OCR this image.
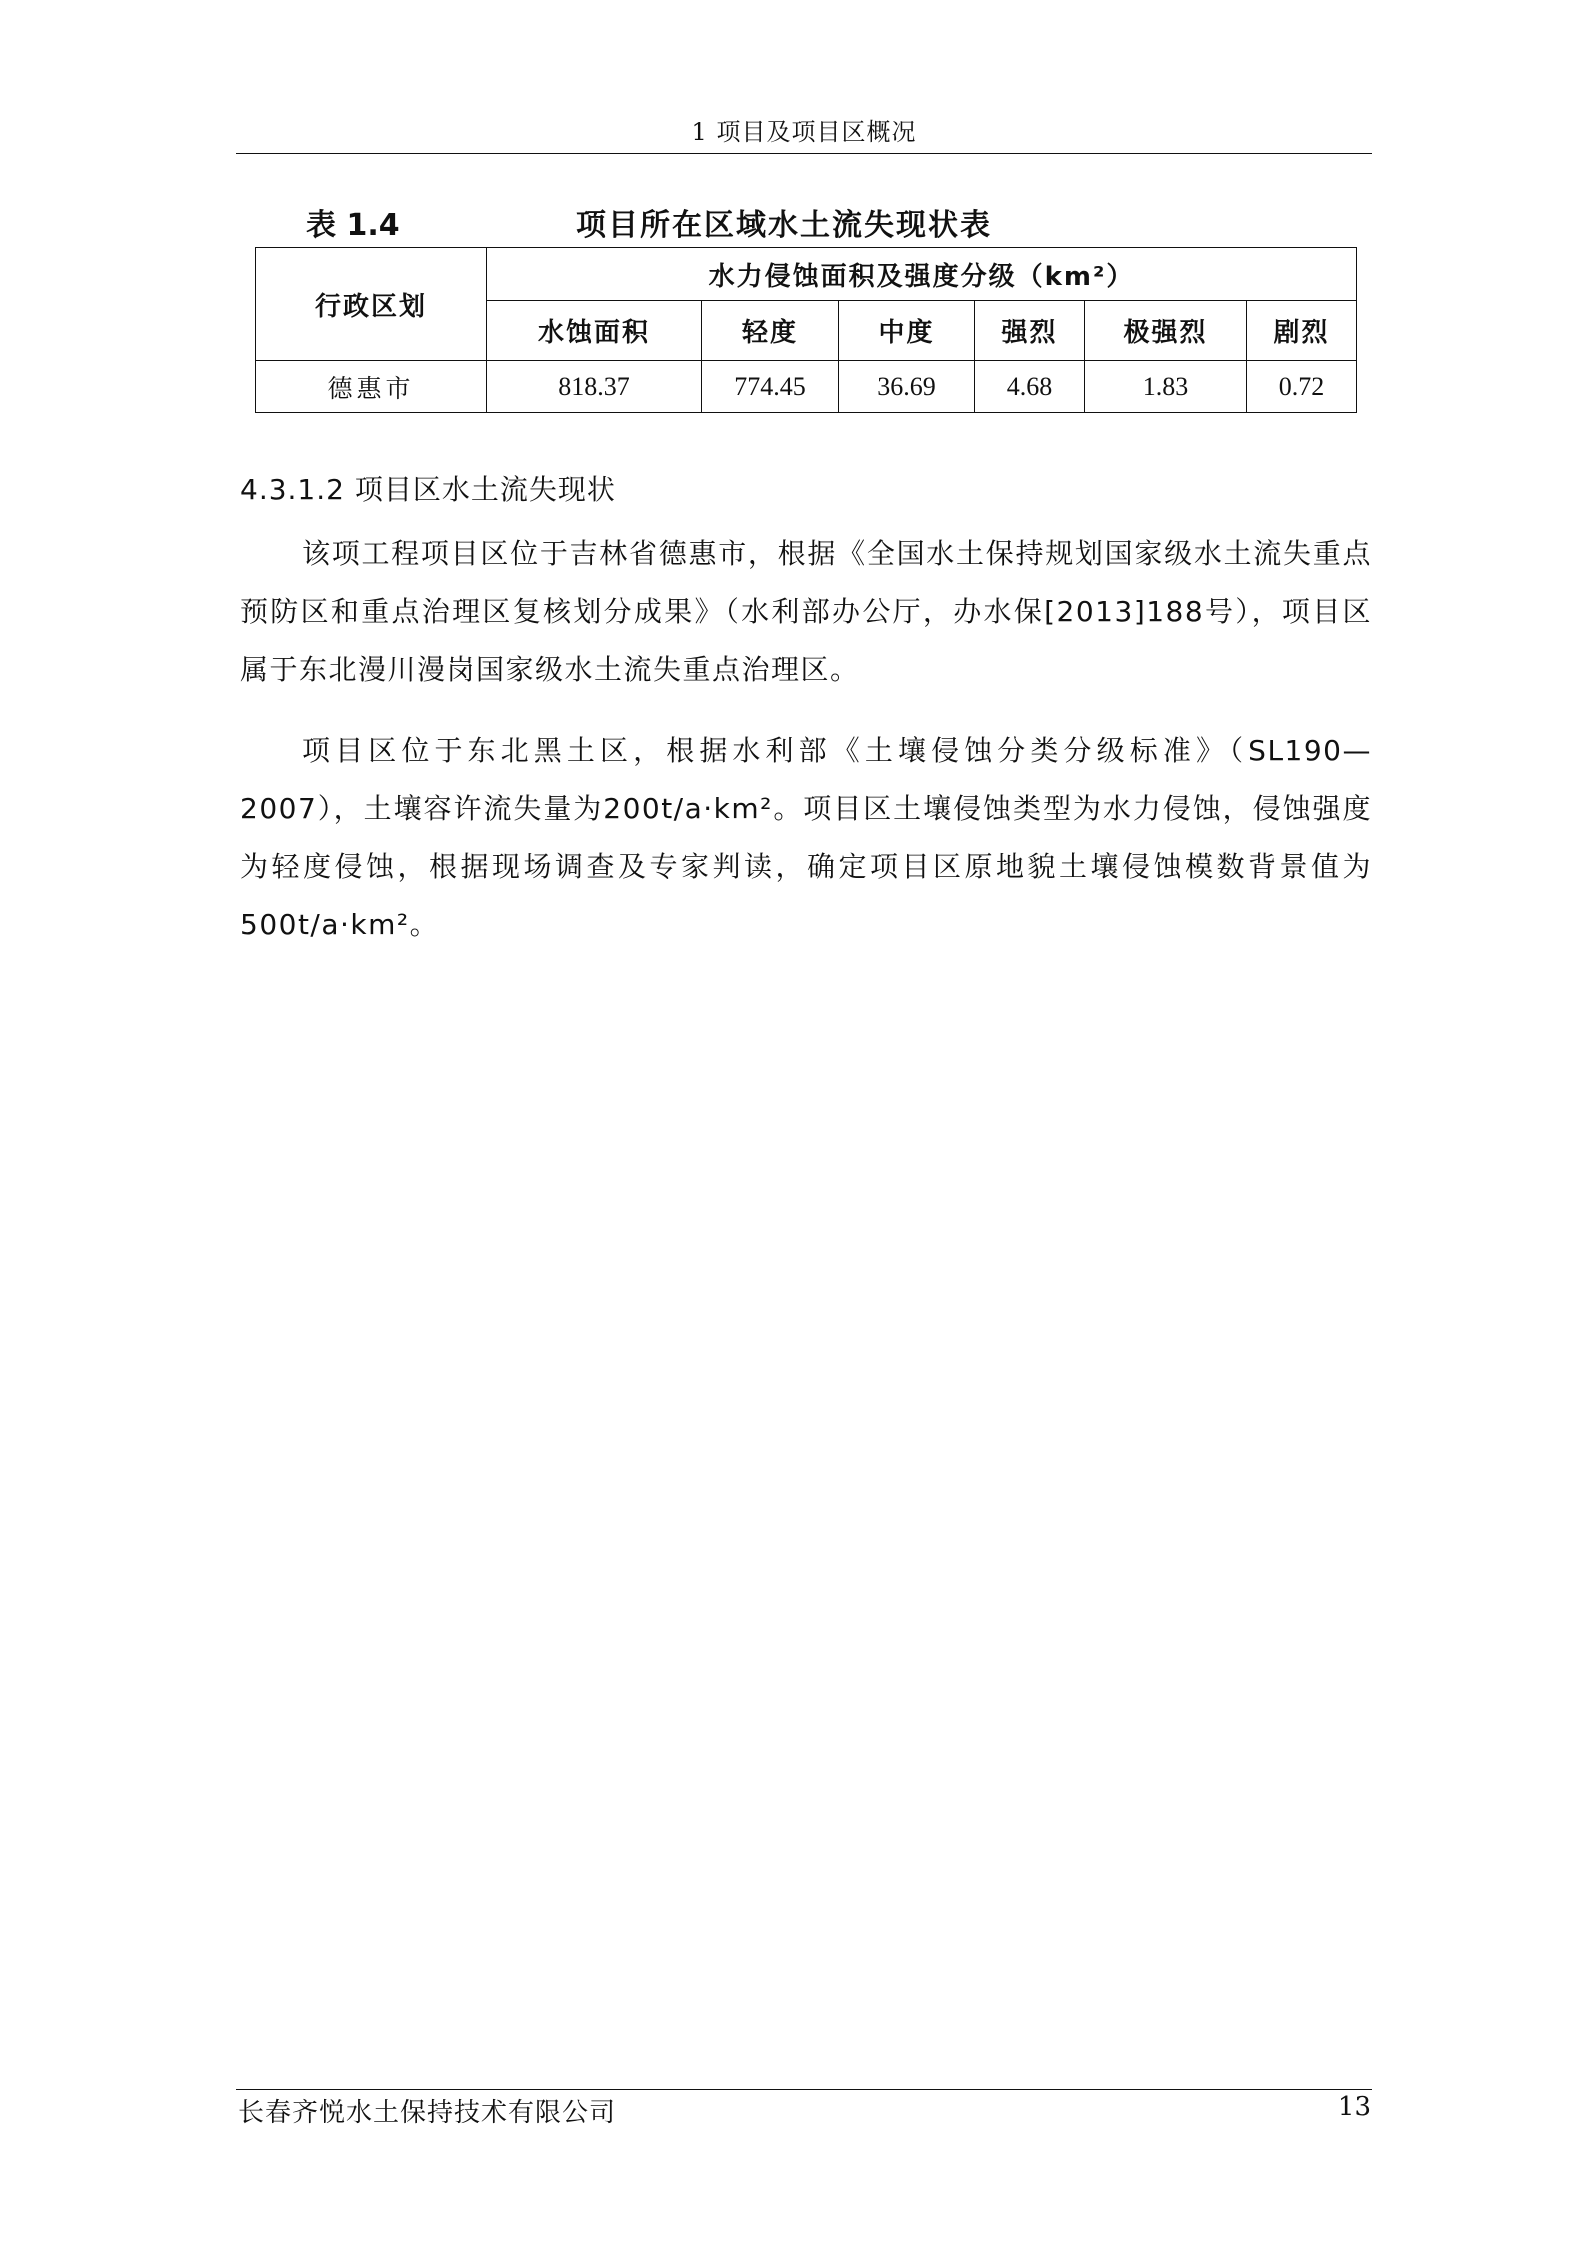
1 项目及项目区概况
表 1.4	项目所在区域水土流失现状表
行政区划	水力侵蚀面积及强度分级（km²）					
	水蚀面积	轻度	中度	强烈	极强烈	剧烈
德惠市	818.37	774.45	36.69	4.68	1.83	0.72
4.3.1.2 项目区水土流失现状

该项工程项目区位于吉林省德惠市，根据《全国水土保持规划国家级水土流失重点预防区和重点治理区复核划分成果》（水利部办公厅，办水保[2013]188号），项目区属于东北漫川漫岗国家级水土流失重点治理区。

项目区位于东北黑土区，根据水利部《土壤侵蚀分类分级标准》（SL190—2007），土壤容许流失量为200t/a·km²。项目区土壤侵蚀类型为水力侵蚀，侵蚀强度为轻度侵蚀，根据现场调查及专家判读，确定项目区原地貌土壤侵蚀模数背景值为500t/a·km²。

长春齐悦水土保持技术有限公司	13
